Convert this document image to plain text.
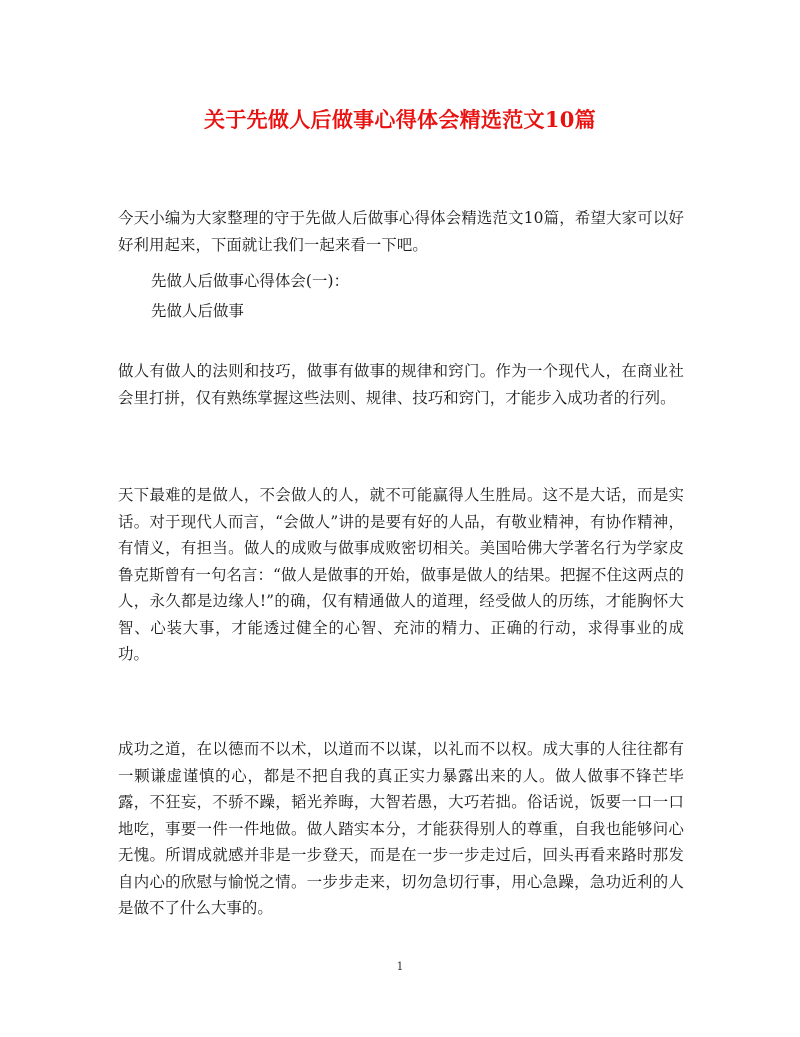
关于先做人后做事心得体会精选范文10篇

今天小编为大家整理的守于先做人后做事心得体会精选范文10篇，希望大家可以好好利用起来，下面就让我们一起来看一下吧。

先做人后做事心得体会(一)：

先做人后做事

做人有做人的法则和技巧，做事有做事的规律和窍门。作为一个现代人，在商业社会里打拼，仅有熟练掌握这些法则、规律、技巧和窍门，才能步入成功者的行列。

天下最难的是做人，不会做人的人，就不可能赢得人生胜局。这不是大话，而是实话。对于现代人而言，“会做人”讲的是要有好的人品，有敬业精神，有协作精神，有情义，有担当。做人的成败与做事成败密切相关。美国哈佛大学著名行为学家皮鲁克斯曾有一句名言：“做人是做事的开始，做事是做人的结果。把握不住这两点的人，永久都是边缘人!”的确，仅有精通做人的道理，经受做人的历练，才能胸怀大智、心装大事，才能透过健全的心智、充沛的精力、正确的行动，求得事业的成功。

成功之道，在以德而不以术，以道而不以谋，以礼而不以权。成大事的人往往都有一颗谦虚谨慎的心，都是不把自我的真正实力暴露出来的人。做人做事不锋芒毕露，不狂妄，不骄不躁，韬光养晦，大智若愚，大巧若拙。俗话说，饭要一口一口地吃，事要一件一件地做。做人踏实本分，才能获得别人的尊重，自我也能够问心无愧。所谓成就感并非是一步登天，而是在一步一步走过后，回头再看来路时那发自内心的欣慰与愉悦之情。一步步走来，切勿急切行事，用心急躁，急功近利的人是做不了什么大事的。

1
